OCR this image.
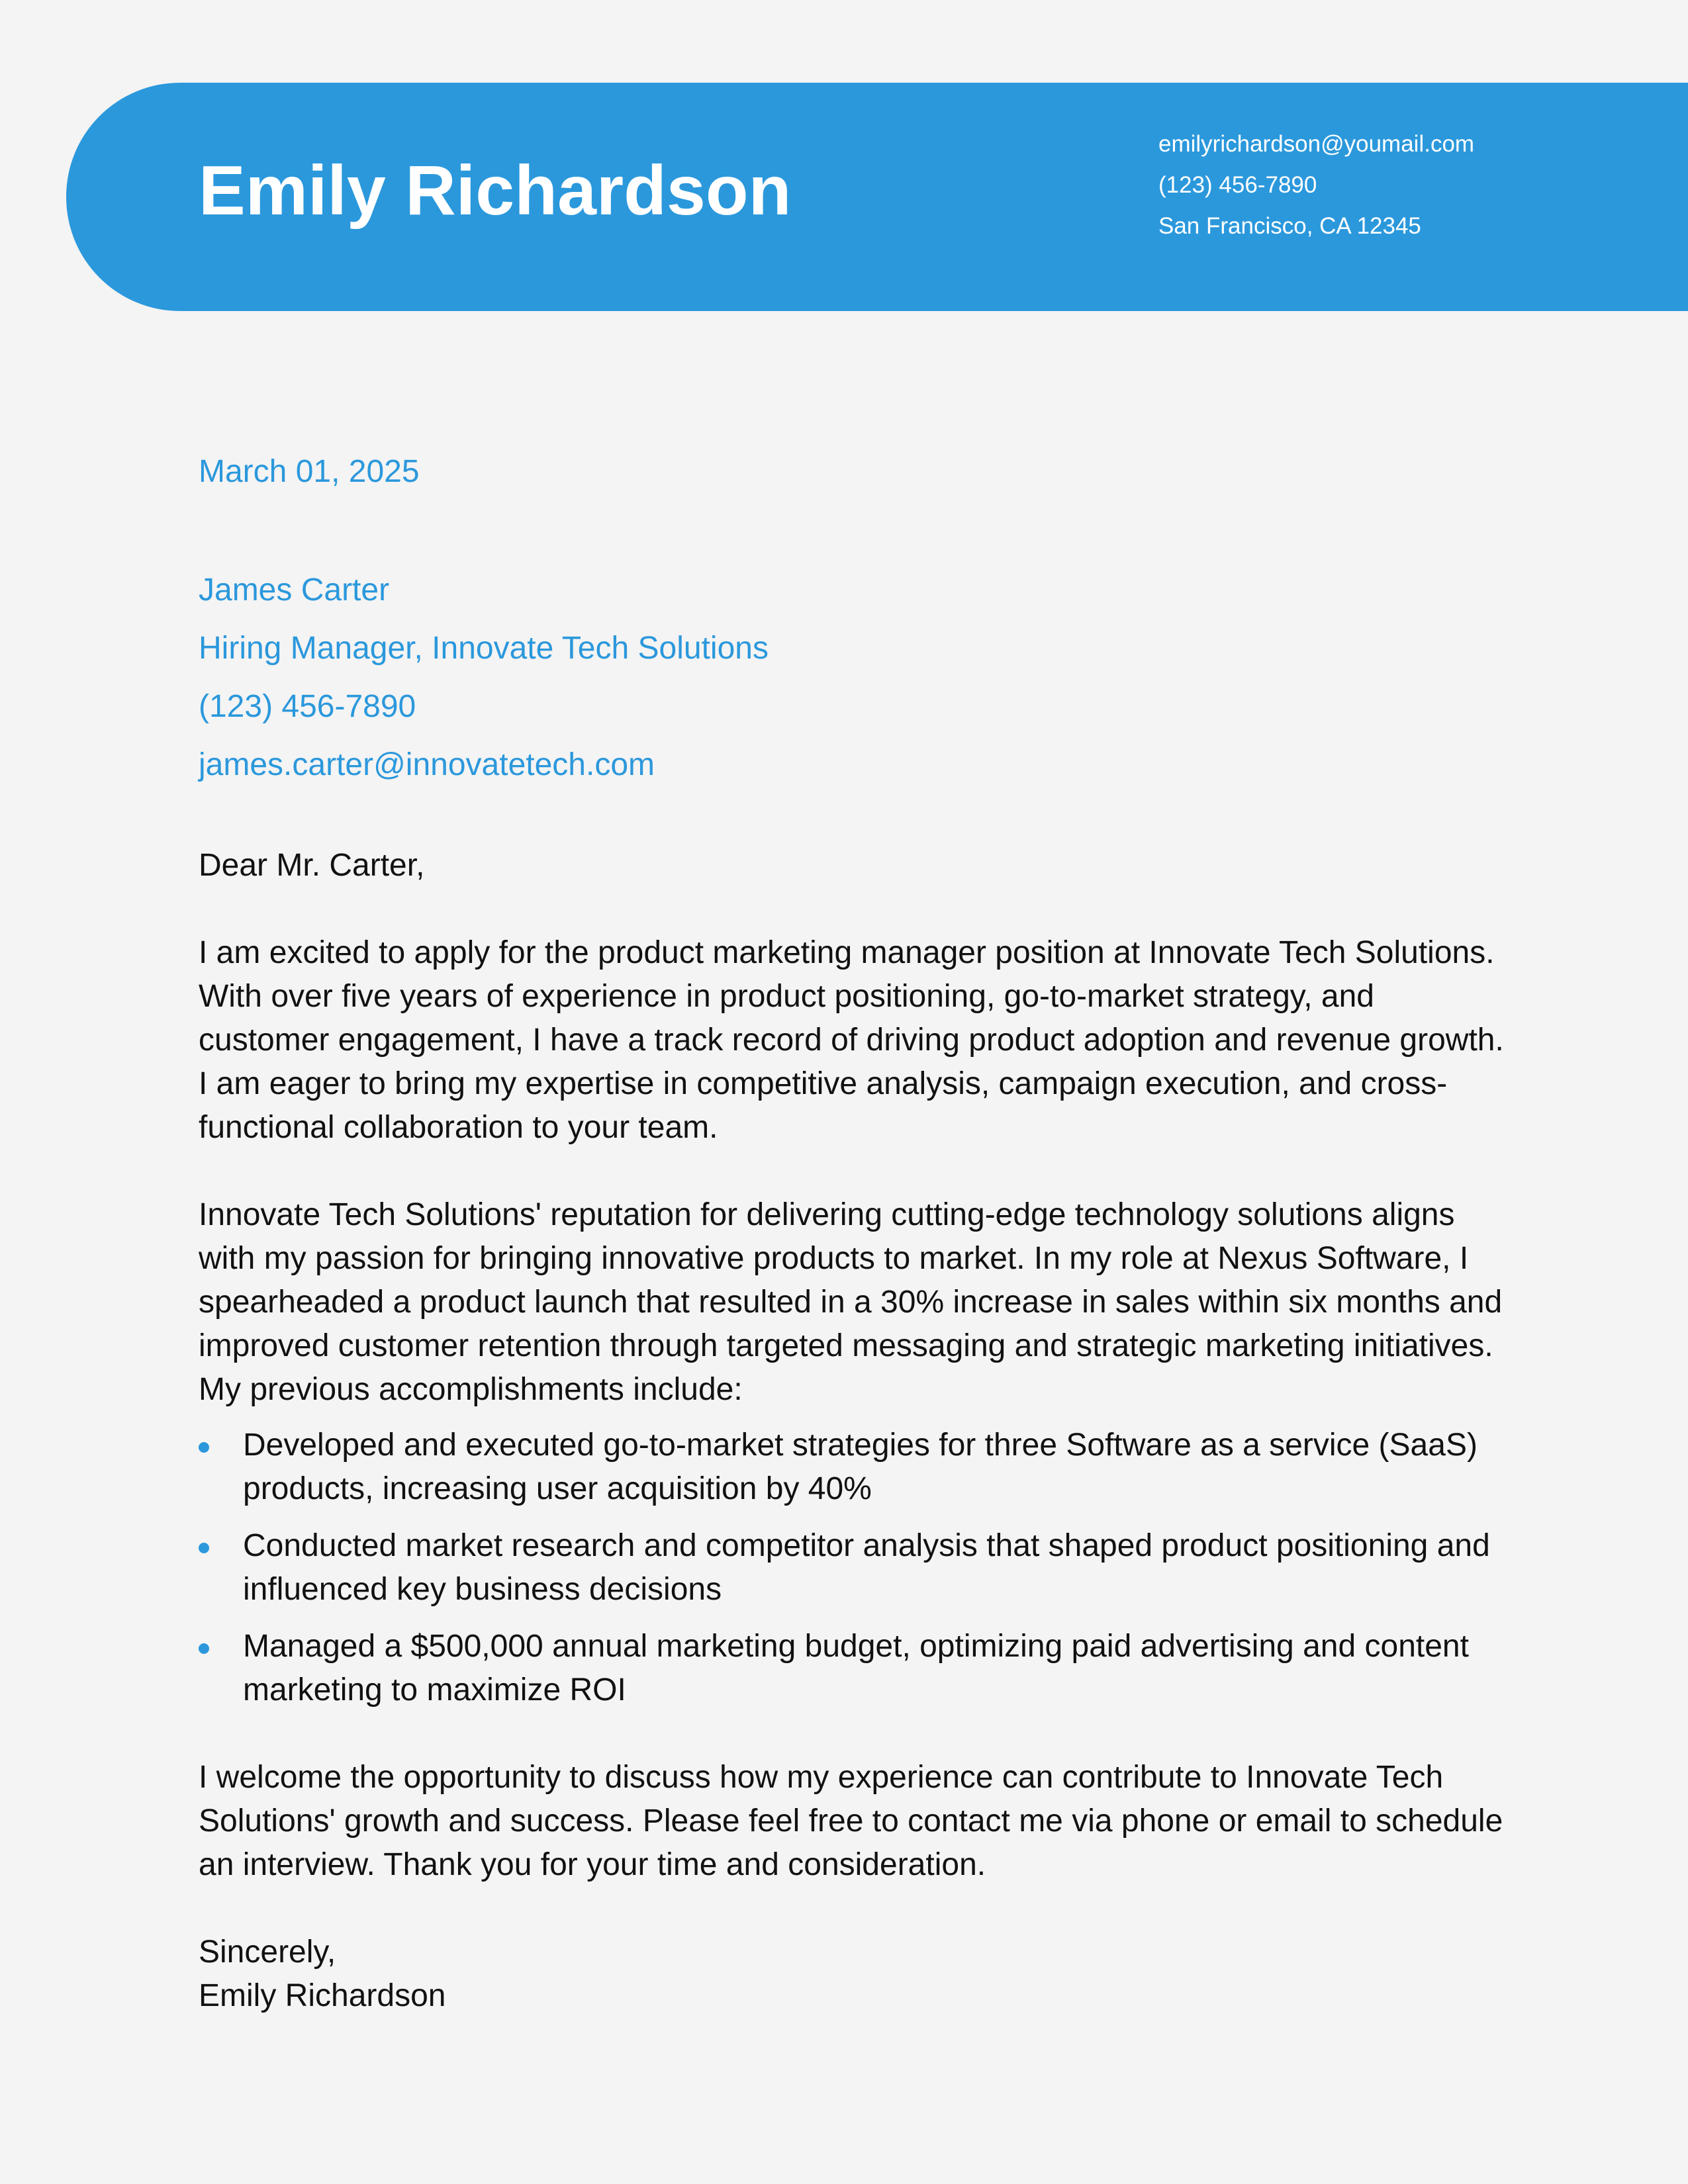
Emily Richardson
emilyrichardson@youmail.com
(123) 456-7890
San Francisco, CA 12345
March 01, 2025
James Carter
Hiring Manager, Innovate Tech Solutions
(123) 456-7890
james.carter@innovatetech.com

Dear Mr. Carter,

I am excited to apply for the product marketing manager position at Innovate Tech Solutions. With over five years of experience in product positioning, go-to-market strategy, and customer engagement, I have a track record of driving product adoption and revenue growth. I am eager to bring my expertise in competitive analysis, campaign execution, and cross-functional collaboration to your team.

Innovate Tech Solutions' reputation for delivering cutting-edge technology solutions aligns with my passion for bringing innovative products to market. In my role at Nexus Software, I spearheaded a product launch that resulted in a 30% increase in sales within six months and improved customer retention through targeted messaging and strategic marketing initiatives. My previous accomplishments include:

Developed and executed go-to-market strategies for three Software as a service (SaaS) products, increasing user acquisition by 40%
Conducted market research and competitor analysis that shaped product positioning and influenced key business decisions
Managed a $500,000 annual marketing budget, optimizing paid advertising and content marketing to maximize ROI

I welcome the opportunity to discuss how my experience can contribute to Innovate Tech Solutions' growth and success. Please feel free to contact me via phone or email to schedule an interview. Thank you for your time and consideration.

Sincerely,

Emily Richardson
